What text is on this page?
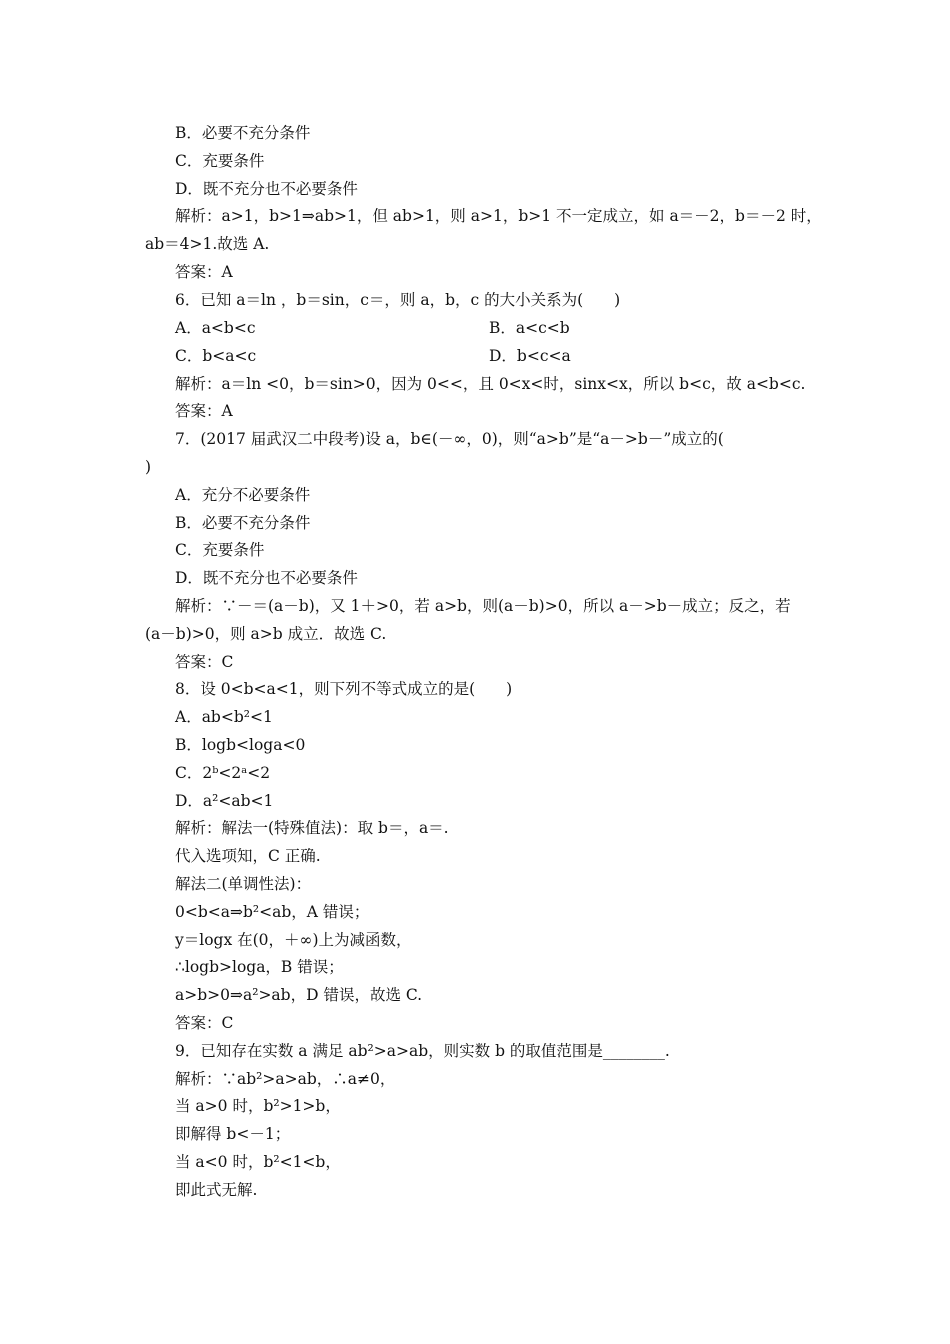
B．必要不充分条件
C．充要条件
D．既不充分也不必要条件
解析：a>1，b>1⇒ab>1，但 ab>1，则 a>1，b>1 不一定成立，如 a＝－2，b＝－2 时，
ab＝4>1.故选 A.
答案：A
6．已知 a＝ln ，b＝sin，c＝，则 a，b，c 的大小关系为(　　)
A．a<b<c	B．a<c<b
C．b<a<c	D．b<c<a
解析：a＝ln <0，b＝sin>0，因为 0<<，且 0<x<时，sinx<x，所以 b<c，故 a<b<c.
答案：A
7．(2017 届武汉二中段考)设 a，b∈(－∞，0)，则“a>b”是“a－>b－”成立的(
)
A．充分不必要条件
B．必要不充分条件
C．充要条件
D．既不充分也不必要条件
解析：∵－＝(a－b)，又 1＋>0，若 a>b，则(a－b)>0，所以 a－>b－成立；反之，若
(a－b)>0，则 a>b 成立．故选 C.
答案：C
8．设 0<b<a<1，则下列不等式成立的是(　　)
A．ab<b²<1
B．logb<loga<0
C．2ᵇ<2ᵃ<2
D．a²<ab<1
解析：解法一(特殊值法)：取 b＝，a＝.
代入选项知，C 正确.
解法二(单调性法)：
0<b<a⇒b²<ab，A 错误；
y＝logx 在(0，＋∞)上为减函数，
∴logb>loga，B 错误；
a>b>0⇒a²>ab，D 错误，故选 C.
答案：C
9．已知存在实数 a 满足 ab²>a>ab，则实数 b 的取值范围是________.
解析：∵ab²>a>ab，∴a≠0，
当 a>0 时，b²>1>b，
即解得 b<－1；
当 a<0 时，b²<1<b，
即此式无解.
